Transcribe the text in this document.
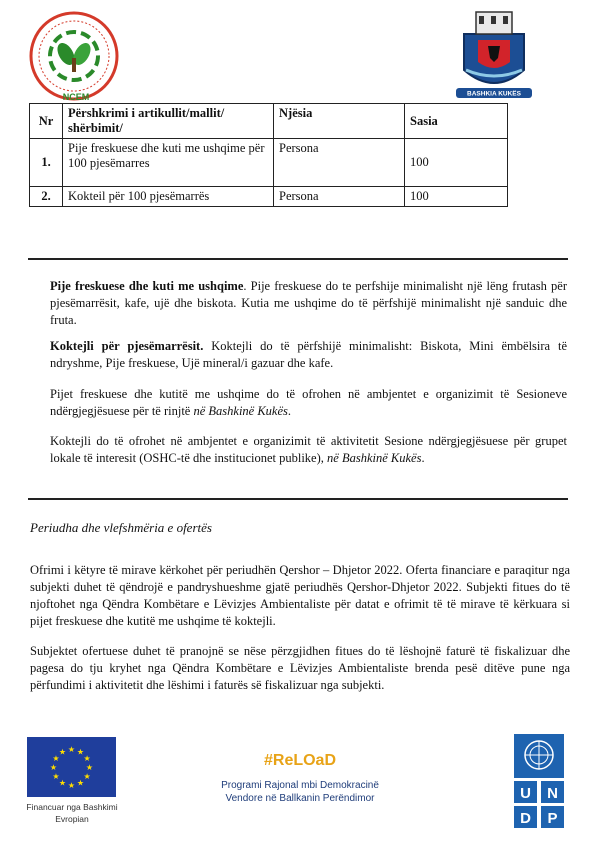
NCEM	BASHKIA KUKËS
Nr	Përshkrimi i artikullit/mallit/ shërbimit/	Njësia	Sasia
1.	Pije freskuese dhe kuti me ushqime për 100 pjesëmarres	Persona	100
2.	Kokteil për 100 pjesëmarrës	Persona	100
Pije freskuese dhe kuti me ushqime. Pije freskuese do te perfshije minimalisht një lëng frutash për pjesëmarrësit, kafe, ujë dhe biskota. Kutia me ushqime do të përfshijë minimalisht një sanduic dhe fruta.
Koktejli për pjesëmarrësit. Koktejli do të përfshijë minimalisht: Biskota, Mini ëmbëlsira të ndryshme, Pije freskuese, Ujë mineral/i gazuar dhe kafe.
Pijet freskuese dhe kutitë me ushqime do të ofrohen në ambjentet e organizimit të Sesioneve ndërgjegjësuese për të rinjtë në Bashkinë Kukës.
Koktejli do të ofrohet në ambjentet e organizimit të aktivitetit Sesione ndërgjegjësuese për grupet lokale të interesit (OSHC-të dhe institucionet publike), në Bashkinë Kukës.
Periudha dhe vlefshmëria e ofertës
Ofrimi i këtyre të mirave kërkohet për periudhën Qershor – Dhjetor 2022. Oferta financiare e paraqitur nga subjekti duhet të qëndrojë e pandryshueshme gjatë periudhës Qershor-Dhjetor 2022. Subjekti fitues do të njoftohet nga Qëndra Kombëtare e Lëvizjes Ambientaliste për datat e ofrimit të të mirave të kërkuara si pijet freskuese dhe kutitë me ushqime të koktejli.
Subjektet ofertuese duhet të pranojnë se nëse përzgjidhen fitues do të lëshojnë faturë të fiskalizuar dhe pagesa do tju kryhet nga Qëndra Kombëtare e Lëvizjes Ambientaliste brenda pesë ditëve pune nga përfundimi i aktivitetit dhe lëshimi i faturës së fiskalizuar nga subjekti.
★ ★
★
★
★
★
★
★
★
★
★
★
Financuar nga Bashkimi Evropian
#ReLOaD
Programi Rajonal mbi Demokracinë
Vendore në Ballkanin Perëndimor	U N
D P
